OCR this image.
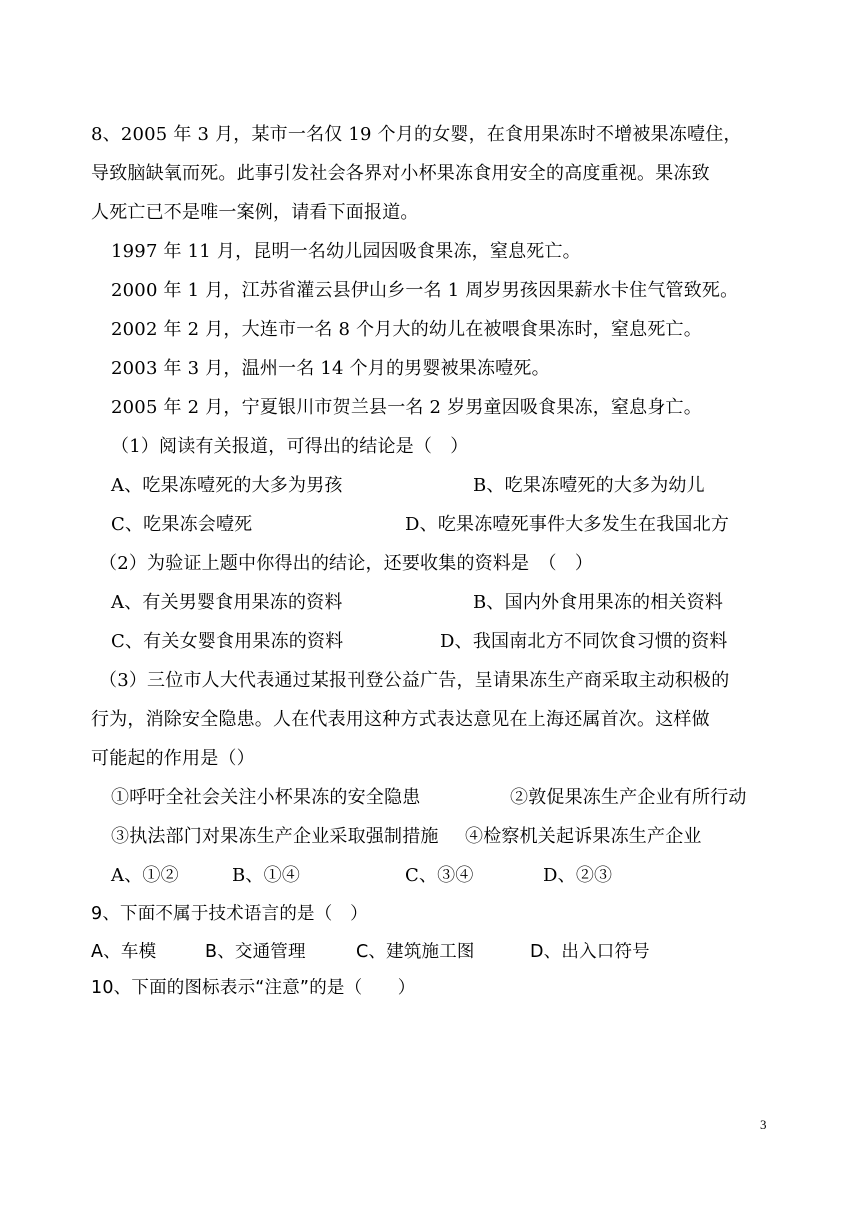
8、2005 年 3 月，某市一名仅 19 个月的女婴，在食用果冻时不增被果冻噎住，
导致脑缺氧而死。此事引发社会各界对小杯果冻食用安全的高度重视。果冻致
人死亡已不是唯一案例，请看下面报道。
1997 年 11 月，昆明一名幼儿园因吸食果冻，窒息死亡。
2000 年 1 月，江苏省灌云县伊山乡一名 1 周岁男孩因果薪水卡住气管致死。
2002 年 2 月，大连市一名 8 个月大的幼儿在被喂食果冻时，窒息死亡。
2003 年 3 月，温州一名 14 个月的男婴被果冻噎死。
2005 年 2 月，宁夏银川市贺兰县一名 2 岁男童因吸食果冻，窒息身亡。
（1）阅读有关报道，可得出的结论是（　）
A、吃果冻噎死的大多为男孩	B、吃果冻噎死的大多为幼儿
C、吃果冻会噎死	D、吃果冻噎死事件大多发生在我国北方
（2）为验证上题中你得出的结论，还要收集的资料是　（　）
A、有关男婴食用果冻的资料	B、国内外食用果冻的相关资料
C、有关女婴食用果冻的资料	D、我国南北方不同饮食习惯的资料
（3）三位市人大代表通过某报刊登公益广告，呈请果冻生产商采取主动积极的
行为，消除安全隐患。人在代表用这种方式表达意见在上海还属首次。这样做
可能起的作用是（）
①呼吁全社会关注小杯果冻的安全隐患	②敦促果冻生产企业有所行动
③执法部门对果冻生产企业采取强制措施 ④检察机关起诉果冻生产企业
A、①②	B、①④	C、③④	D、②③
9、下面不属于技术语言的是（　）
A、车模	B、交通管理	C、建筑施工图	D、出入口符号
10、下面的图标表示“注意”的是（　　）
3
